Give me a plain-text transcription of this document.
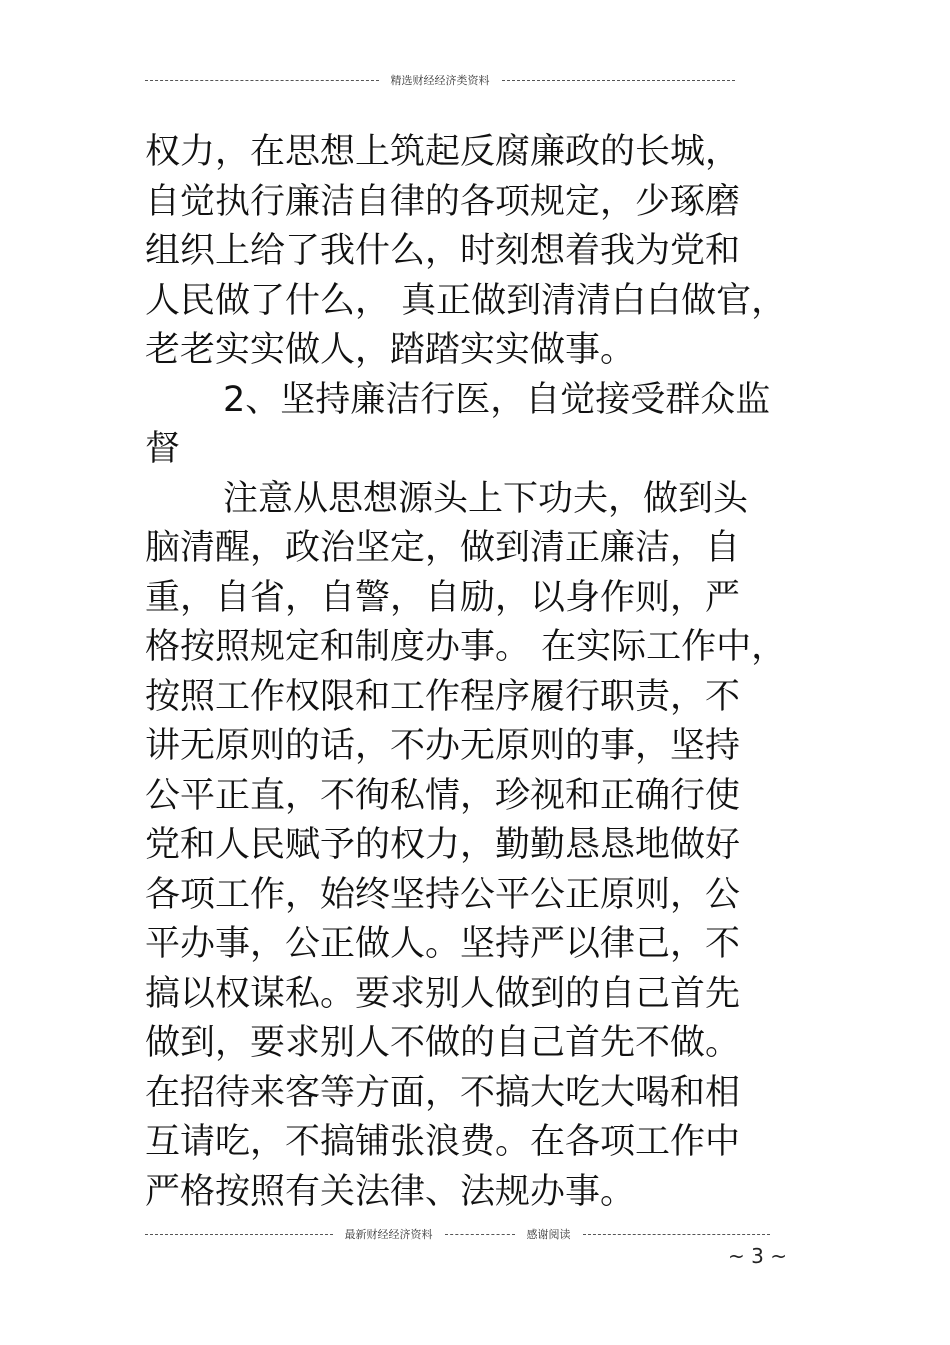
精选财经经济类资料
权力，在思想上筑起反腐廉政的长城，
自觉执行廉洁自律的各项规定，少琢磨
组织上给了我什么，时刻想着我为党和
人民做了什么， 真正做到清清白白做官，
老老实实做人，踏踏实实做事。
2、坚持廉洁行医，自觉接受群众监
督
注意从思想源头上下功夫，做到头
脑清醒，政治坚定，做到清正廉洁，自
重，自省，自警，自励，以身作则，严
格按照规定和制度办事。 在实际工作中，
按照工作权限和工作程序履行职责，不
讲无原则的话，不办无原则的事，坚持
公平正直，不徇私情，珍视和正确行使
党和人民赋予的权力，勤勤恳恳地做好
各项工作，始终坚持公平公正原则，公
平办事，公正做人。坚持严以律己，不
搞以权谋私。要求别人做到的自己首先
做到，要求别人不做的自己首先不做。
在招待来客等方面，不搞大吃大喝和相
互请吃，不搞铺张浪费。在各项工作中
严格按照有关法律、法规办事。
最新财经经济资料	感谢阅读
~ 3 ~
